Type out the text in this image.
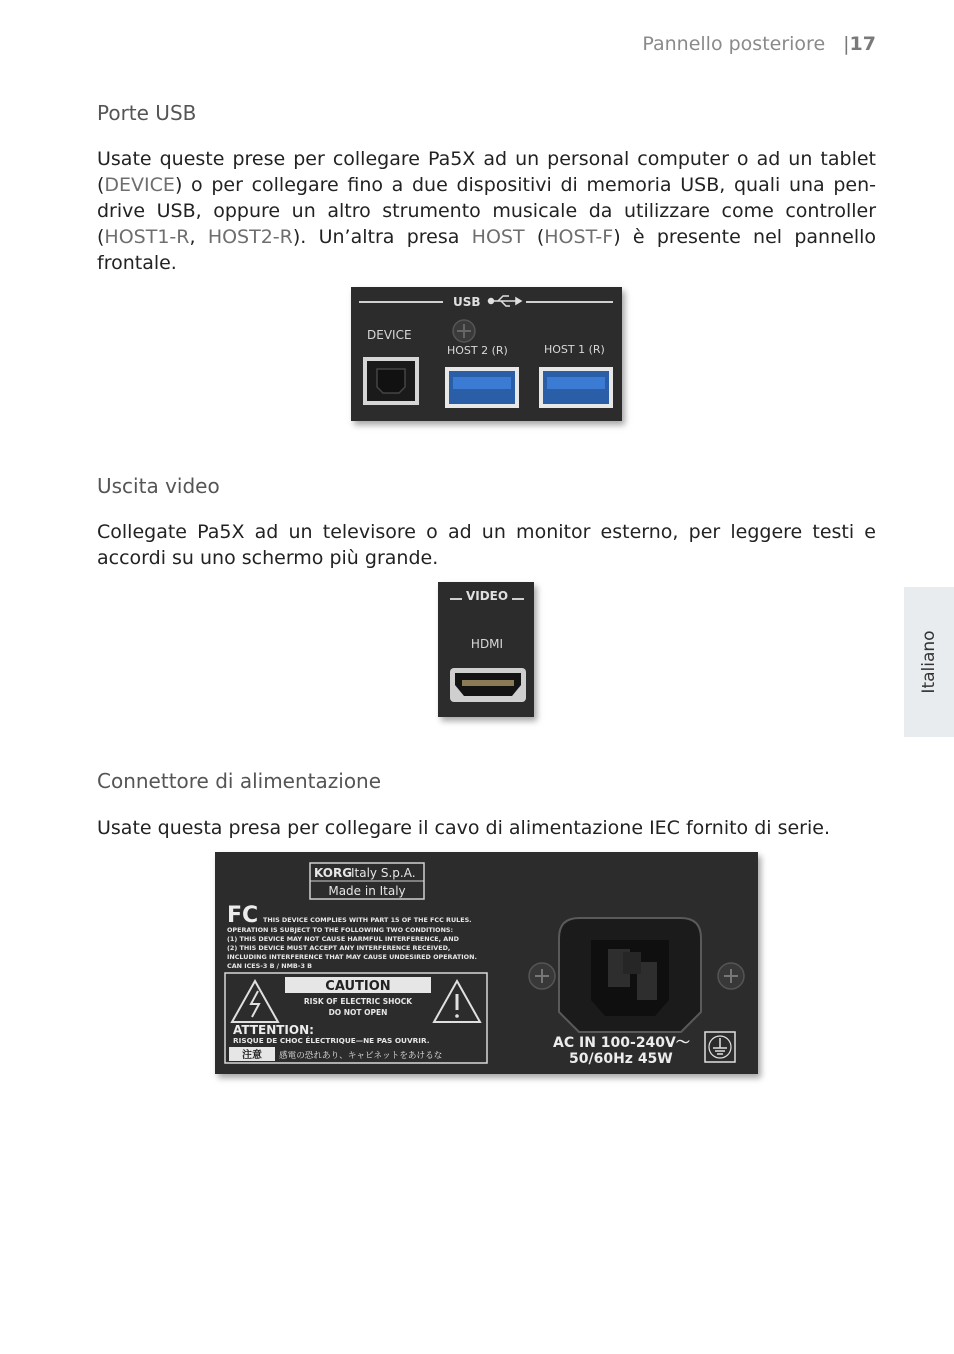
Pannello posteriore |17
Italiano
Porte USB
Usate queste prese per collegare Pa5X ad un personal computer o ad un tablet (DEVICE) o per collegare fino a due dispositivi di memoria USB, quali una pen-drive USB, oppure un altro strumento musicale da utilizzare come controller (HOST1-R, HOST2-R). Un’altra presa HOST (HOST-F) è presente nel pannello frontale.
USB
DEVICE
HOST 2 (R)	HOST 1 (R)
Uscita video
Collegate Pa5X ad un televisore o ad un monitor esterno, per leggere testi e accordi su uno schermo più grande.
VIDEO
HDMI
Connettore di alimentazione
Usate questa presa per collegare il cavo di alimentazione IEC fornito di serie.
KORG
Italy S.p.A.
Made in Italy
FC THIS DEVICE COMPLIES WITH PART 15 OF THE FCC RULES.
OPERATION IS SUBJECT TO THE FOLLOWING TWO CONDITIONS:
(1) THIS DEVICE MAY NOT CAUSE HARMFUL INTERFERENCE, AND
(2) THIS DEVICE MUST ACCEPT ANY INTERFERENCE RECEIVED,
INCLUDING INTERFERENCE THAT MAY CAUSE UNDESIRED OPERATION.
CAN ICES-3 B / NMB-3 B
CAUTION
RISK OF ELECTRIC SHOCK
DO NOT OPEN
ATTENTION:
RISQUE DE CHOC ÉLECTRIQUE—NE PAS OUVRIR.
注意 感電の恐れあり、キャビネットをあけるな
AC IN 100-240V～
50/60Hz 45W
